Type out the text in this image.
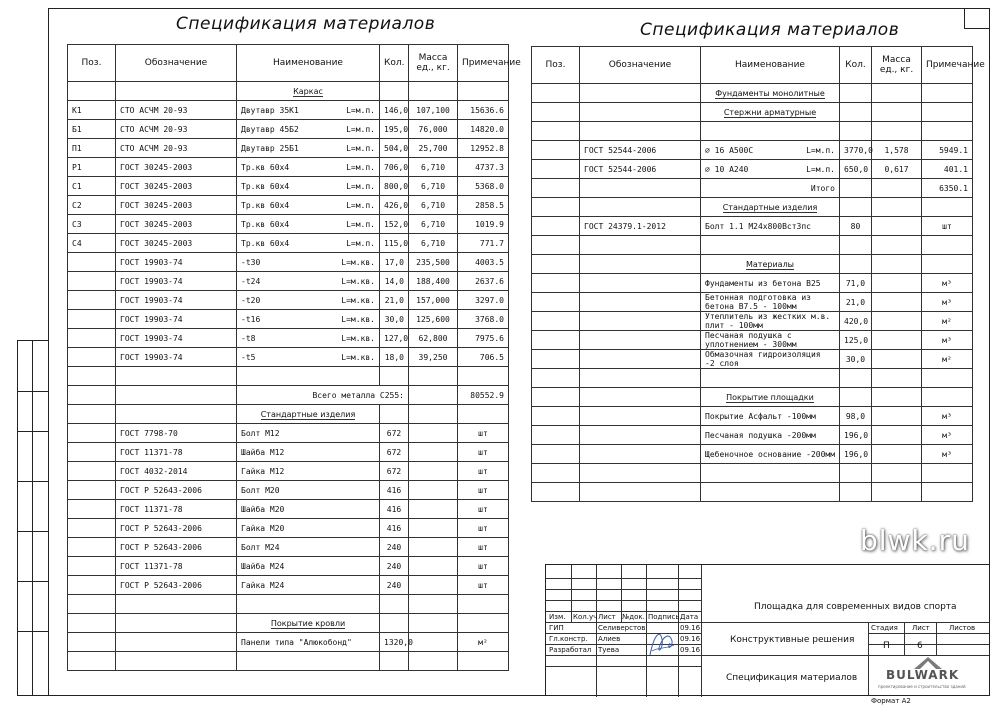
Спецификация материалов	Спецификация материалов
Поз.	Обозначение	Наименование	Кол.	Масса ед., кг.	Примечание
		Каркас			
К1	СТО АСЧМ 20-93	Двутавр 35К1 L=м.п.	146,0	107,100	15636.6
Б1	СТО АСЧМ 20-93	Двутавр 45Б2 L=м.п.	195,0	76,000	14820.0
П1	СТО АСЧМ 20-93	Двутавр 25Б1 L=м.п.	504,0	25,700	12952.8
Р1	ГОСТ 30245-2003	Тр.кв 60х4 L=м.п.	706,0	6,710	4737.3
С1	ГОСТ 30245-2003	Тр.кв 60х4 L=м.п.	800,0	6,710	5368.0
С2	ГОСТ 30245-2003	Тр.кв 60х4 L=м.п.	426,0	6,710	2858.5
С3	ГОСТ 30245-2003	Тр.кв 60х4 L=м.п.	152,0	6,710	1019.9
С4	ГОСТ 30245-2003	Тр.кв 60х4 L=м.п.	115,0	6,710	771.7
	ГОСТ 19903-74	-t30 L=м.кв.	17,0	235,500	4003.5
	ГОСТ 19903-74	-t24 L=м.кв.	14,0	188,400	2637.6
	ГОСТ 19903-74	-t20 L=м.кв.	21,0	157,000	3297.0
	ГОСТ 19903-74	-t16 L=м.кв.	30,0	125,600	3768.0
	ГОСТ 19903-74	-t8 L=м.кв.	127,0	62,800	7975.6
	ГОСТ 19903-74	-t5 L=м.кв.	18,0	39,250	706.5

		Всего металла С255:			80552.9
		Стандартные изделия			
	ГОСТ 7798-70	Болт М12	672		шт
	ГОСТ 11371-78	Шайба М12	672		шт
	ГОСТ 4032-2014	Гайка М12	672		шт
	ГОСТ Р 52643-2006	Болт М20	416		шт
	ГОСТ 11371-78	Шайба М20	416		шт
	ГОСТ Р 52643-2006	Гайка М20	416		шт
	ГОСТ Р 52643-2006	Болт М24	240		шт
	ГОСТ 11371-78	Шайба М24	240		шт
	ГОСТ Р 52643-2006	Гайка М24	240		шт

		Покрытие кровли			
		Панели типа "Алюкобонд"	1320,0		м²

Поз.	Обозначение	Наименование	Кол.	Масса ед., кг.	Примечание
		Фундаменты монолитные			
		Стержни арматурные			

	ГОСТ 52544-2006	⌀ 16 А500С L=м.п.	3770,0	1,578	5949.1
	ГОСТ 52544-2006	⌀ 10 А240 L=м.п.	650,0	0,617	401.1
		Итого			6350.1
		Стандартные изделия			
	ГОСТ 24379.1-2012	Болт 1.1 М24х800Вст3пс	80		шт

		Материалы			
		Фундаменты из бетона В25	71,0		м³
		Бетонная подготовка из бетона В7.5 - 100мм	21,0		м³
		Утеплитель из жестких м.в. плит - 100мм	420,0		м²
		Песчаная подушка с уплотнением - 300мм	125,0		м³
		Обмазочная гидроизоляция -2 слоя	30,0		м²

		Покрытие площадки			
		Покрытие Асфальт -100мм	98,0		м³
		Песчаная подушка -200мм	196,0		м³
		Щебеночное основание -200мм	196,0		м³

Изм. Кол.уч Лист №док. Подпись Дата
ГИП	Селиверстов	09.16
Гл.констр. Алиев	09.16
Разработал Туева	09.16
Площадка для современных видов спорта
Конструктивные решения
Спецификация материалов
Стадия Лист	Листов
П	6
BULWARK
проектирование и строительство зданий
Формат А2
blwk.ru
